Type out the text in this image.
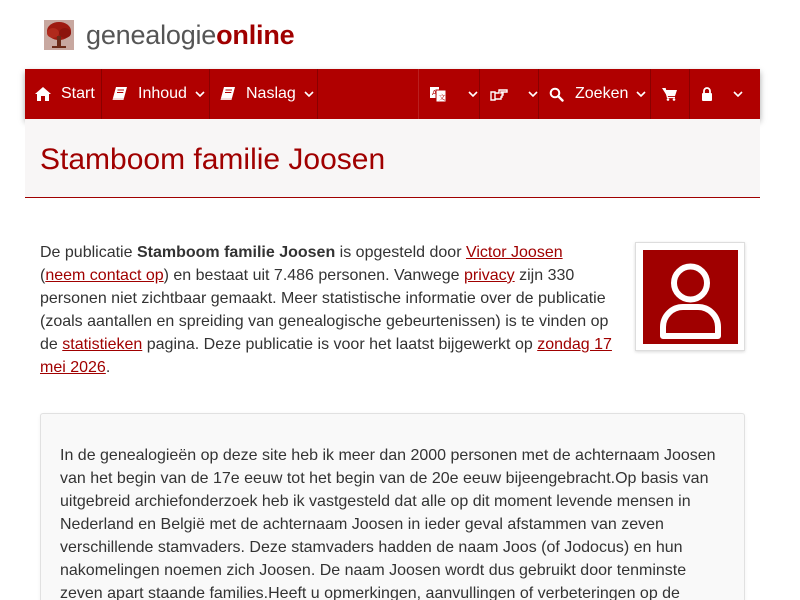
genealogieonline
Start	Inhoud	Naslag	A
文	Zoeken
Stamboom familie Joosen

De publicatie Stamboom familie Joosen is opgesteld door Victor Joosen
(neem contact op) en bestaat uit 7.486 personen. Vanwege privacy zijn 330 personen niet zichtbaar gemaakt. Meer statistische informatie over de publicatie (zoals aantallen en spreiding van genealogische gebeurtenissen) is te vinden op de statistieken pagina. Deze publicatie is voor het laatst bijgewerkt op zondag 17 mei 2026.

In de genealogieën op deze site heb ik meer dan 2000 personen met de achternaam Joosen van het begin van de 17e eeuw tot het begin van de 20e eeuw bijeengebracht.Op basis van uitgebreid archiefonderzoek heb ik vastgesteld dat alle op dit moment levende mensen in Nederland en België met de achternaam Joosen in ieder geval afstammen van zeven verschillende stamvaders. Deze stamvaders hadden de naam Joos (of Jodocus) en hun nakomelingen noemen zich Joosen. De naam Joosen wordt dus gebruikt door tenminste zeven apart staande families.Heeft u opmerkingen, aanvullingen of verbeteringen op de
